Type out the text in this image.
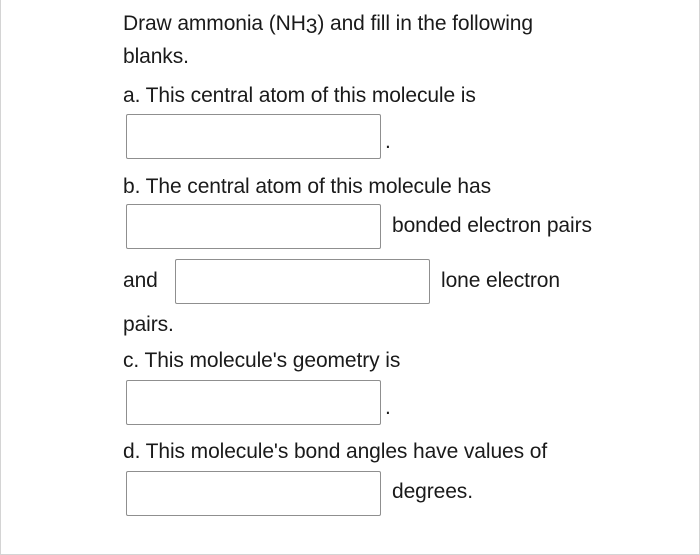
Draw ammonia (NH3) and fill in the following
blanks.
a. This central atom of this molecule is
.
b. The central atom of this molecule has
bonded electron pairs
and	lone electron
pairs.
c. This molecule's geometry is
.
d. This molecule's bond angles have values of
degrees.
